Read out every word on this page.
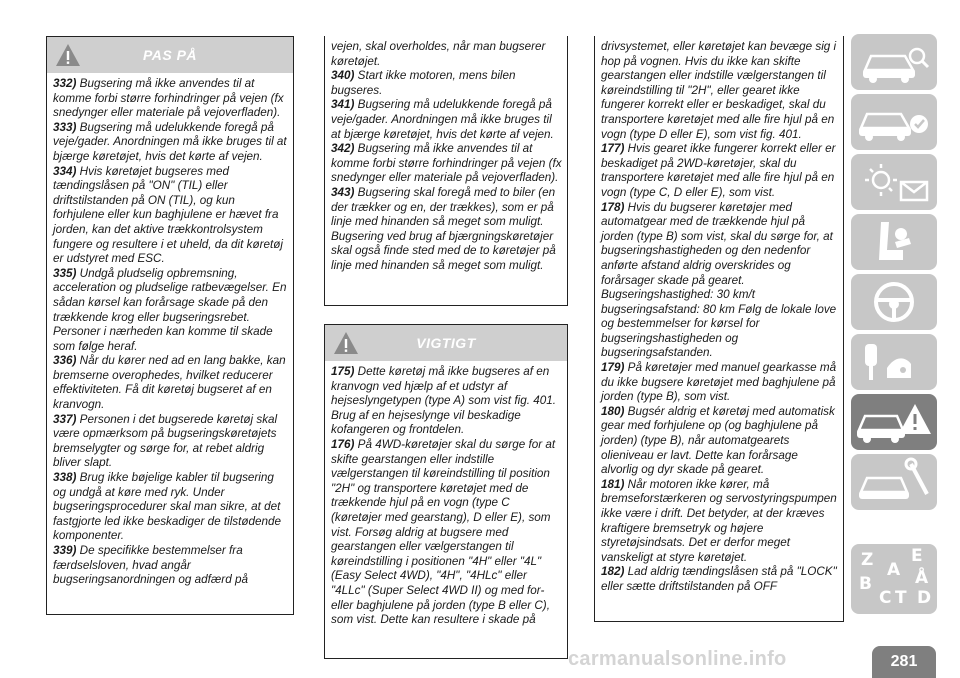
PAS PÅ

332) Bugsering må ikke anvendes til at komme forbi større forhindringer på vejen (fx snedynger eller materiale på vejoverfladen).

333) Bugsering må udelukkende foregå på veje/gader. Anordningen må ikke bruges til at bjærge køretøjet, hvis det kørte af vejen.

334) Hvis køretøjet bugseres med tændingslåsen på "ON" (TIL) eller driftstilstanden på ON (TIL), og kun forhjulene eller kun baghjulene er hævet fra jorden, kan det aktive trækkontrolsystem fungere og resultere i et uheld, da dit køretøj er udstyret med ESC.

335) Undgå pludselig opbremsning, acceleration og pludselige ratbevægelser. En sådan kørsel kan forårsage skade på den trækkende krog eller bugseringsrebet. Personer i nærheden kan komme til skade som følge heraf.

336) Når du kører ned ad en lang bakke, kan bremserne overophedes, hvilket reducerer effektiviteten. Få dit køretøj bugseret af en kranvogn.

337) Personen i det bugserede køretøj skal være opmærksom på bugseringskøretøjets bremselygter og sørge for, at rebet aldrig bliver slapt.

338) Brug ikke bøjelige kabler til bugsering og undgå at køre med ryk. Under bugseringsprocedurer skal man sikre, at det fastgjorte led ikke beskadiger de tilstødende komponenter.

339) De specifikke bestemmelser fra færdselsloven, hvad angår bugseringsanordningen og adfærd på

vejen, skal overholdes, når man bugserer køretøjet.

340) Start ikke motoren, mens bilen bugseres.

341) Bugsering må udelukkende foregå på veje/gader. Anordningen må ikke bruges til at bjærge køretøjet, hvis det kørte af vejen.

342) Bugsering må ikke anvendes til at komme forbi større forhindringer på vejen (fx snedynger eller materiale på vejoverfladen).

343) Bugsering skal foregå med to biler (en der trækker og en, der trækkes), som er på linje med hinanden så meget som muligt. Bugsering ved brug af bjærgningskøretøjer skal også finde sted med de to køretøjer på linje med hinanden så meget som muligt.

VIGTIGT

175) Dette køretøj må ikke bugseres af en kranvogn ved hjælp af et udstyr af hejseslyngetypen (type A) som vist fig. 401. Brug af en hejseslynge vil beskadige kofangeren og frontdelen.

176) På 4WD-køretøjer skal du sørge for at skifte gearstangen eller indstille vælgerstangen til køreindstilling til position "2H" og transportere køretøjet med de trækkende hjul på en vogn (type C (køretøjer med gearstang), D eller E), som vist. Forsøg aldrig at bugsere med gearstangen eller vælgerstangen til køreindstilling i positionen "4H" eller "4L" (Easy Select 4WD), "4H", "4HLc" eller "4LLc" (Super Select 4WD II) og med for- eller baghjulene på jorden (type B eller C), som vist. Dette kan resultere i skade på

drivsystemet, eller køretøjet kan bevæge sig i hop på vognen. Hvis du ikke kan skifte gearstangen eller indstille vælgerstangen til køreindstilling til "2H", eller gearet ikke fungerer korrekt eller er beskadiget, skal du transportere køretøjet med alle fire hjul på en vogn (type D eller E), som vist fig. 401.

177) Hvis gearet ikke fungerer korrekt eller er beskadiget på 2WD-køretøjer, skal du transportere køretøjet med alle fire hjul på en vogn (type C, D eller E), som vist.

178) Hvis du bugserer køretøjer med automatgear med de trækkende hjul på jorden (type B) som vist, skal du sørge for, at bugseringshastigheden og den nedenfor anførte afstand aldrig overskrides og forårsager skade på gearet. Bugseringshastighed: 30 km/t bugseringsafstand: 80 km Følg de lokale love og bestemmelser for kørsel for bugseringshastigheden og bugseringsafstanden.

179) På køretøjer med manuel gearkasse må du ikke bugsere køretøjet med baghjulene på jorden (type B), som vist.

180) Bugsér aldrig et køretøj med automatisk gear med forhjulene op (og baghjulene på jorden) (type B), når automatgearets olieniveau er lavt. Dette kan forårsage alvorlig og dyr skade på gearet.

181) Når motoren ikke kører, må bremseforstærkeren og servostyringspumpen ikke være i drift. Det betyder, at der kræves kraftigere bremsetryk og højere styretøjsindsats. Det er derfor meget vanskeligt at styre køretøjet.

182) Lad aldrig tændingslåsen stå på "LOCK" eller sætte driftstilstanden på OFF

Z E
A
B
C T
Å
D
carmanualsonline.info	281
